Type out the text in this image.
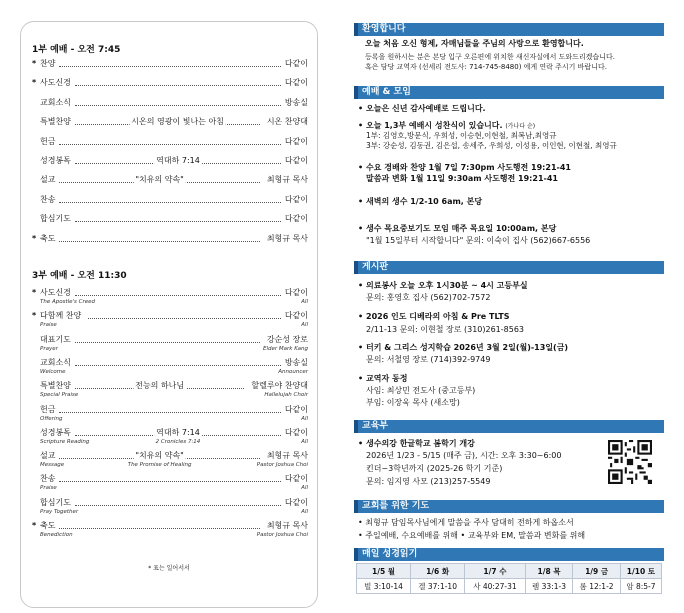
1부 예배 - 오전 7:45
* 찬양	다같이
* 사도신경	다같이
교회소식	방송실
특별찬양	시온의 영광이 빛나는 아침	시온 찬양대
헌금	다같이
성경봉독	역대하 7:14	다같이
설교	"치유의 약속"	최형규 목사
찬송	다같이
합심기도	다같이
* 축도	최형규 목사
3부 예배 - 오전 11:30
* 사도신경	다같이
The Apostle's Creed	All
* 다함께 찬양	다같이
Praise	All
대표기도	강순성 장로
Prayer	Elder Mark Kang
교회소식	방송실
Welcome	Announcer
특별찬양	전능의 하나님	할렐루야 찬양대
Special Praise	Hallelujah Choir
헌금	다같이
Offering	All
성경봉독	역대하 7:14	다같이
Scripture Reading	2 Cronicles 7:14	All
설교	"치유의 약속"	최형규 목사
Message	The Promise of Healing	Pastor Joshua Choi
찬송	다같이
Praise	All
합심기도	다같이
Pray Together	All
* 축도	최형규 목사
Benediction	Pastor Joshua Choi
* 표는 일어서서
환영합니다
오늘 처음 오신 형제, 자매님들을 주님의 사랑으로 환영합니다.
등록을 원하시는 분은 본당 입구 오른편에 위치한 새신자실에서 도와드리겠습니다.
혹은 담당 교역자 (선세리 전도사: 714-745-8480) 에게 연락 주시기 바랍니다.
예배 & 모임
• 오늘은 신년 감사예배로 드립니다.
• 오늘 1,3부 예배시 성찬식이 있습니다. (가나다 순)
1부: 김영호,방문식, 우희성, 이승현,이현철, 최복남,최영규
3부: 강순성, 김동권, 김은섭, 송세주, 우희성, 이성용, 이인현, 이현철, 최영규
• 수요 경배와 찬양 1월 7일 7:30pm 사도행전 19:21-41
말씀과 변화 1월 11일 9:30am 사도행전 19:21-41
• 새벽의 생수 1/2-10 6am, 본당
• 생수 목요중보기도 모임 매주 목요일 10:00am, 본당
"1월 15일부터 시작합니다" 문의: 이숙이 집사 (562)667-6556
게시판
• 의료봉사 오늘 오후 1시30분 ~ 4시 고등부실
문의: 홍영호 집사 (562)702-7572
• 2026 인도 디베라의 아침 & Pre TLTS
2/11-13 문의: 이현철 장로 (310)261-8563
• 터키 & 그리스 성지학습 2026년 3월 2일(월)-13일(금)
문의: 서철영 장로 (714)392-9749
• 교역자 동정
사임: 최상민 전도사 (중고등부)
부임: 이장욱 목사 (새소망)
교육부
• 생수의강 한글학교 봄학기 개강
2026년 1/23 - 5/15 (매주 금), 시간: 오후 3:30~6:00
킨더~3학년까지 (2025-26 학기 기준)
문의: 임지영 사모 (213)257-5549
교회를 위한 기도
• 최형규 담임목사님에게 말씀을 주사 담대히 전하게 하옵소서
• 주일예배, 수요예배를 위해 • 교육부와 EM, 말씀과 변화를 위해
매일 성경읽기
1/5 월	1/6 화	1/7 수	1/8 목	1/9 금	1/10 토
빌 3:10-14	겔 37:1-10	사 40:27-31	렘 33:1-3	롬 12:1-2	암 8:5-7
